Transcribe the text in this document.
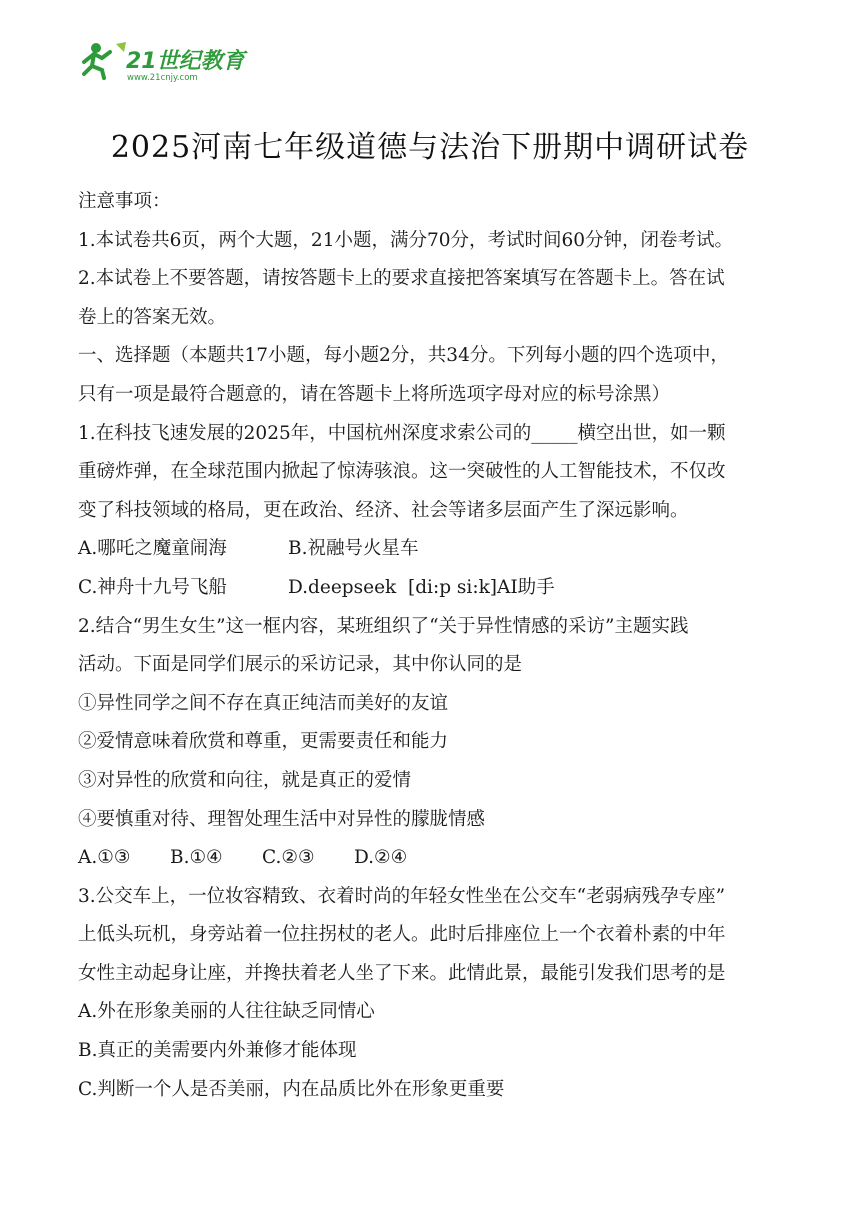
21世纪教育
www.21cnjy.com
2025河南七年级道德与法治下册期中调研试卷
注意事项：
1.本试卷共6页，两个大题，21小题，满分70分，考试时间60分钟，闭卷考试。
2.本试卷上不要答题，请按答题卡上的要求直接把答案填写在答题卡上。答在试
卷上的答案无效。
一、选择题（本题共17小题，每小题2分，共34分。下列每小题的四个选项中，
只有一项是最符合题意的，请在答题卡上将所选项字母对应的标号涂黑）
1.在科技飞速发展的2025年，中国杭州深度求索公司的_____横空出世，如一颗
重磅炸弹，在全球范围内掀起了惊涛骇浪。这一突破性的人工智能技术，不仅改
变了科技领域的格局，更在政治、经济、社会等诸多层面产生了深远影响。
A.哪吒之魔童闹海	B.祝融号火星车
C.神舟十九号飞船	D.deepseek  [di:p si:k]AI助手
2.结合“男生女生”这一框内容，某班组织了“关于异性情感的采访”主题实践
活动。下面是同学们展示的采访记录，其中你认同的是
①异性同学之间不存在真正纯洁而美好的友谊
②爱情意味着欣赏和尊重，更需要责任和能力
③对异性的欣赏和向往，就是真正的爱情
④要慎重对待、理智处理生活中对异性的朦胧情感
A.①③	B.①④	C.②③	D.②④
3.公交车上，一位妆容精致、衣着时尚的年轻女性坐在公交车“老弱病残孕专座”
上低头玩机，身旁站着一位拄拐杖的老人。此时后排座位上一个衣着朴素的中年
女性主动起身让座，并搀扶着老人坐了下来。此情此景，最能引发我们思考的是
A.外在形象美丽的人往往缺乏同情心
B.真正的美需要内外兼修才能体现
C.判断一个人是否美丽，内在品质比外在形象更重要
